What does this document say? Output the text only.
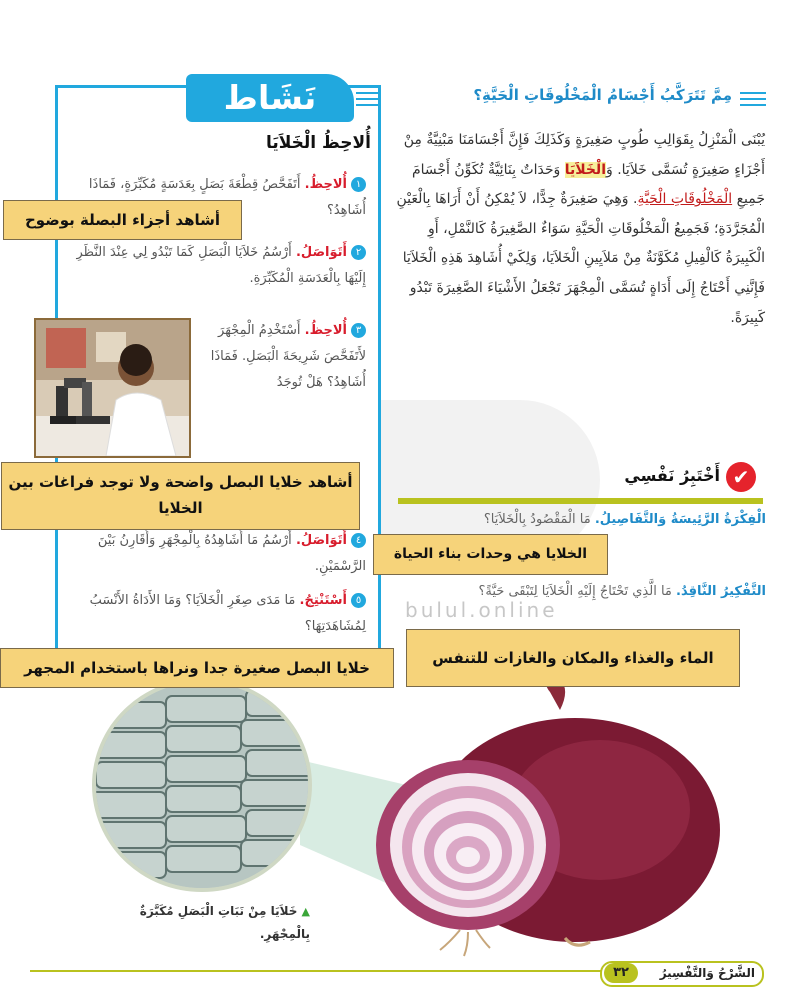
bulul.online
نَشَاط
أُلاحِظُ الْخَلاَيَا
١أُلاحِظُ. أَتَفَحَّصُ قِطْعَةَ بَصَلٍ بِعَدَسَةٍ مُكَبِّرَةٍ، فَمَاذَا أُشَاهِدُ؟
٢أَتَوَاصَلُ. أَرْسُمُ خَلاَيَا الْبَصَلِ كَمَا تَبْدُو لِي عِنْدَ النَّظَرِ إِلَيْهَا بِالْعَدَسَةِ الْمُكَبِّرَةِ.
٣أُلاحِظُ. أَسْتَخْدِمُ الْمِجْهَرَ لأَتَفَحَّصَ شَرِيحَةَ الْبَصَلِ. فَمَاذَا أُشَاهِدُ؟ هَلْ تُوجَدُ
٤أَتَوَاصَلُ. أَرْسُمُ مَا أُشَاهِدُهُ بِالْمِجْهَرِ وَأُقَارِنُ بَيْنَ الرَّسْمَيْنِ.
٥أَسْتَنْتِجُ. مَا مَدَى صِغَرِ الْخَلاَيَا؟ وَمَا الأَدَاةُ الأَنْسَبُ لِمُشَاهَدَتِهَا؟
مِمَّ تَتَرَكَّبُ أَجْسَامُ الْمَخْلُوقَاتِ الْحَيَّةِ؟
يُبْنَى الْمَنْزِلُ بِقَوَالِبِ طُوبٍ صَغِيرَةٍ وَكَذَلِكَ فَإِنَّ أَجْسَامَنَا مَبْنِيَّةٌ مِنْ أَجْزَاءٍ صَغِيرَةٍ تُسَمَّى خَلاَيَا. وَالْخَلاَيَا وَحَدَاتٌ بِنَائِيَّةٌ تُكَوِّنُ أَجْسَامَ جَمِيعِ الْمَخْلُوقَاتِ الْحَيَّةِ. وَهِيَ صَغِيرَةٌ جِدًّا، لاَ يُمْكِنُ أَنْ أَرَاهَا بِالْعَيْنِ الْمُجَرَّدَةِ؛ فَجَمِيعُ الْمَخْلُوقَاتِ الْحَيَّةِ سَوَاءٌ الصَّغِيرَةُ كَالنَّمْلِ، أَوِ الْكَبِيرَةُ كَالْفِيلِ مُكَوَّنَةٌ مِنْ مَلاَيِينِ الْخَلاَيَا، وَلِكَيْ أُشَاهِدَ هَذِهِ الْخَلاَيَا فَإِنَّنِي أَحْتَاجُ إِلَى أَدَاةٍ تُسَمَّى الْمِجْهَرَ تَجْعَلُ الأَشْيَاءَ الصَّغِيرَةَ تَبْدُو كَبِيرَةً.
✔
أَخْتَبِرُ نَفْسِي
الْفِكْرَةُ الرَّئِيسَةُ وَالتَّفَاصِيلُ. مَا الْمَقْصُودُ بِالْخَلاَيَا؟
التَّفْكِيرُ النَّاقِدُ. مَا الَّذِي تَحْتَاجُ إِلَيْهِ الْخَلاَيَا لِتَبْقَى حَيَّةً؟
▲ خَلاَيَا مِنْ نَبَاتِ الْبَصَلِ مُكَبَّرَةٌ بِالْمِجْهَرِ.
أشاهد أجزاء البصلة بوضوح
أشاهد خلايا البصل واضحة ولا توجد فراغات بين الخلايا
الخلايا هي وحدات بناء الحياة
الماء والغذاء والمكان والغازات للتنفس
خلايا البصل صغيرة جدا ونراها باستخدام المجهر
٣٢	الشَّرْحُ وَالتَّفْسِيرُ
